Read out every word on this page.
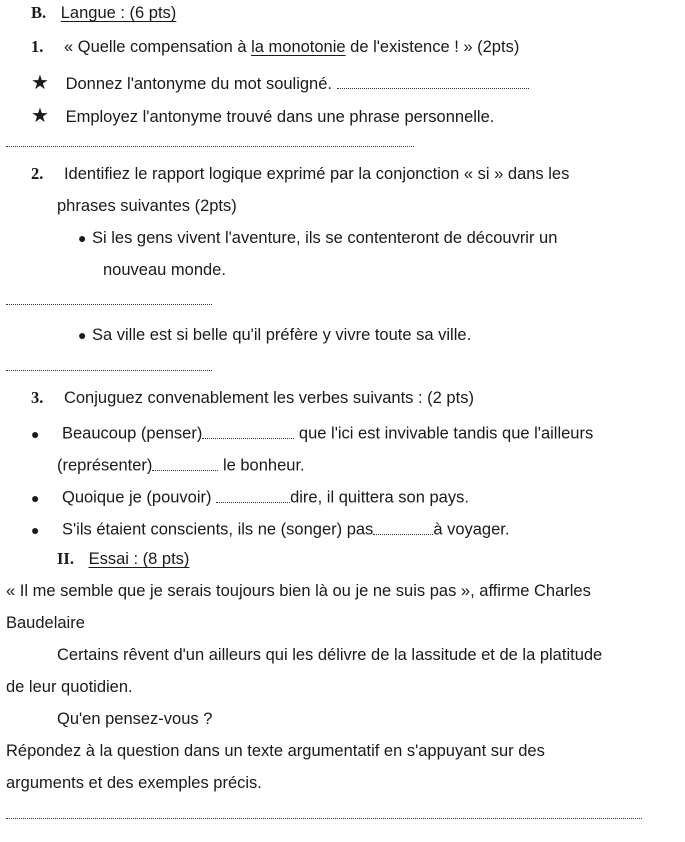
B. Langue : (6 pts)
1. « Quelle compensation à la monotonie de l'existence ! » (2pts)
★ Donnez l'antonyme du mot souligné.
★ Employez l'antonyme trouvé dans une phrase personnelle.
2. Identifiez le rapport logique exprimé par la conjonction « si » dans les
phrases suivantes (2pts)
● Si les gens vivent l'aventure, ils se contenteront de découvrir un
nouveau monde.
● Sa ville est si belle qu'il préfère y vivre toute sa ville.
3. Conjuguez convenablement les verbes suivants : (2 pts)
● Beaucoup (penser)	que l'ici est invivable tandis que l'ailleurs
(représenter)	le bonheur.
● Quoique je (pouvoir)	dire, il quittera son pays.
● S'ils étaient conscients, ils ne (songer) pas	à voyager.
II. Essai : (8 pts)
« Il me semble que je serais toujours bien là ou je ne suis pas », affirme Charles
Baudelaire
Certains rêvent d'un ailleurs qui les délivre de la lassitude et de la platitude
de leur quotidien.
Qu'en pensez-vous ?
Répondez à la question dans un texte argumentatif en s'appuyant sur des
arguments et des exemples précis.
